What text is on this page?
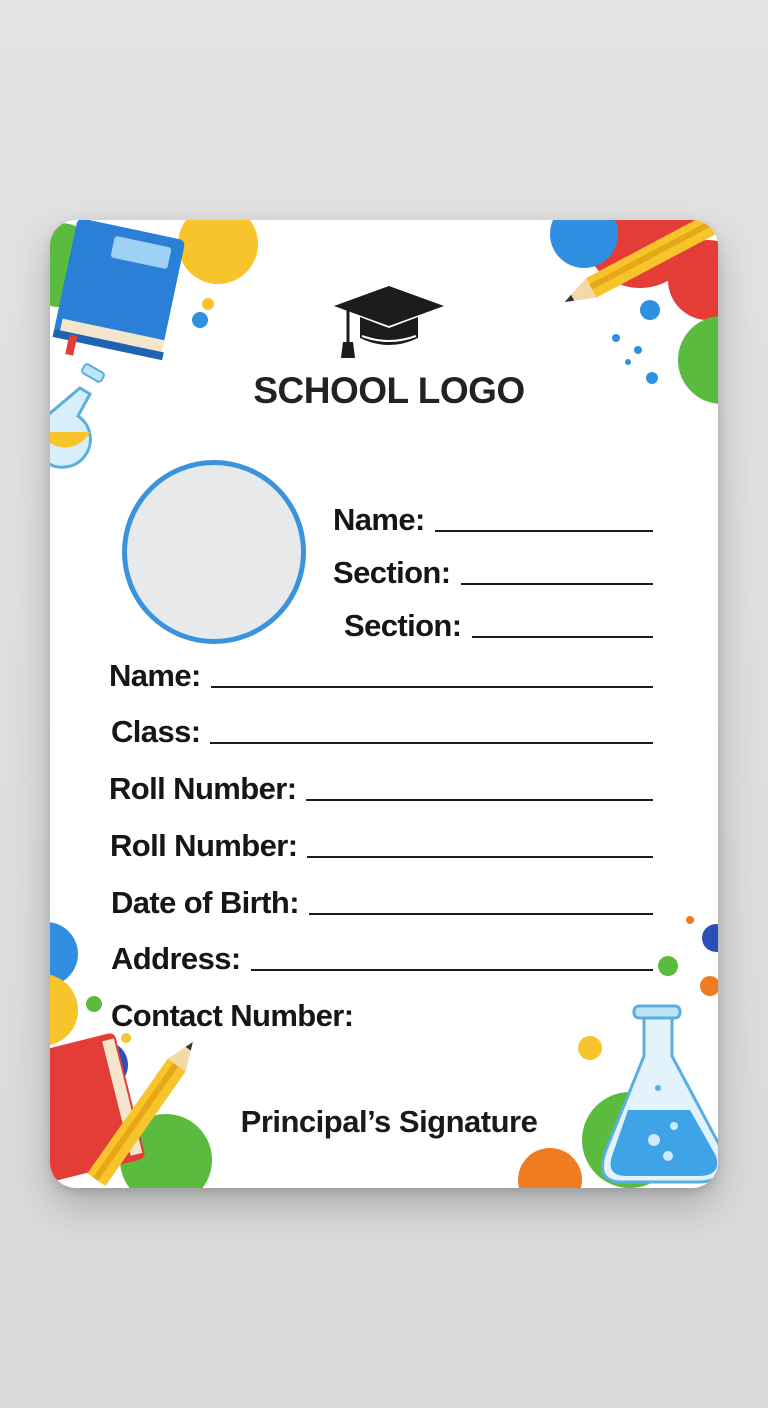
SCHOOL LOGO
Name:
Section:
Section:
Name:
Class:
Roll Number:
Roll Number:
Date of Birth:
Address:
Contact Number:
Principal’s Signature
